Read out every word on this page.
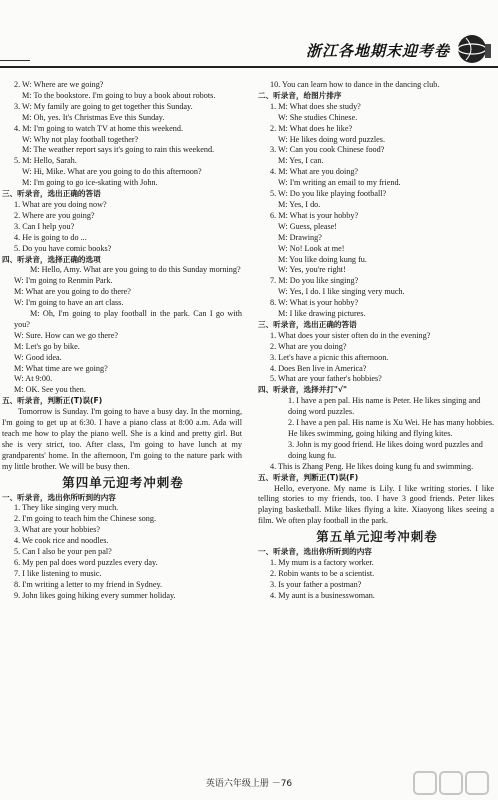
浙江各地期末迎考卷
2. W: Where are we going?
M: To the bookstore. I'm going to buy a book about robots.
3. W: My family are going to get together this Sunday.
M: Oh, yes. It's Christmas Eve this Sunday.
4. M: I'm going to watch TV at home this weekend.
W: Why not play football together?
M: The weather report says it's going to rain this weekend.
5. M: Hello, Sarah.
W: Hi, Mike. What are you going to do this afternoon?
M: I'm going to go ice-skating with John.
三、听录音，选出正确的答语
1. What are you doing now?
2. Where are you going?
3. Can I help you?
4. He is going to do ...
5. Do you have comic books?
四、听录音，选择正确的选项
M: Hello, Amy. What are you going to do this Sunday morning?
W: I'm going to Renmin Park.
M: What are you going to do there?
W: I'm going to have an art class.
M: Oh, I'm going to play football in the park. Can I go with you?
W: Sure. How can we go there?
M: Let's go by bike.
W: Good idea.
M: What time are we going?
W: At 9:00.
M: OK. See you then.
五、听录音，判断正(T)误(F)
Tomorrow is Sunday. I'm going to have a busy day. In the morning, I'm going to get up at 6:30. I have a piano class at 8:00 a.m. Ada will teach me how to play the piano well. She is a kind and pretty girl. But she is very strict, too. After class, I'm going to have lunch at my grandparents' home. In the afternoon, I'm going to the nature park with my little brother. We will be busy then.
第四单元迎考冲刺卷
一、听录音，选出你所听到的内容
1. They like singing very much.
2. I'm going to teach him the Chinese song.
3. What are your hobbies?
4. We cook rice and noodles.
5. Can I also be your pen pal?
6. My pen pal does word puzzles every day.
7. I like listening to music.
8. I'm writing a letter to my friend in Sydney.
9. John likes going hiking every summer holiday.
10. You can learn how to dance in the dancing club.
二、听录音，给图片排序
1. M: What does she study?
W: She studies Chinese.
2. M: What does he like?
W: He likes doing word puzzles.
3. W: Can you cook Chinese food?
M: Yes, I can.
4. M: What are you doing?
W: I'm writing an email to my friend.
5. W: Do you like playing football?
M: Yes, I do.
6. M: What is your hobby?
W: Guess, please!
M: Drawing?
W: No! Look at me!
M: You like doing kung fu.
W: Yes, you're right!
7. M: Do you like singing?
W: Yes, I do. I like singing very much.
8. W: What is your hobby?
M: I like drawing pictures.
三、听录音，选出正确的答语
1. What does your sister often do in the evening?
2. What are you doing?
3. Let's have a picnic this afternoon.
4. Does Ben live in America?
5. What are your father's hobbies?
四、听录音，选择并打"√"
1. I have a pen pal. His name is Peter. He likes singing and doing word puzzles.
2. I have a pen pal. His name is Xu Wei. He has many hobbies. He likes swimming, going hiking and flying kites.
3. John is my good friend. He likes doing word puzzles and doing kung fu.
4. This is Zhang Peng. He likes doing kung fu and swimming.
五、听录音，判断正(T)误(F)
Hello, everyone. My name is Lily. I like writing stories. I like telling stories to my friends, too. I have 3 good friends. Peter likes playing basketball. Mike likes flying a kite. Xiaoyong likes seeing a film. We often play football in the park.
第五单元迎考冲刺卷
一、听录音，选出你所听到的内容
1. My mum is a factory worker.
2. Robin wants to be a scientist.
3. Is your father a postman?
4. My aunt is a businesswoman.
英语六年级上册 －76
